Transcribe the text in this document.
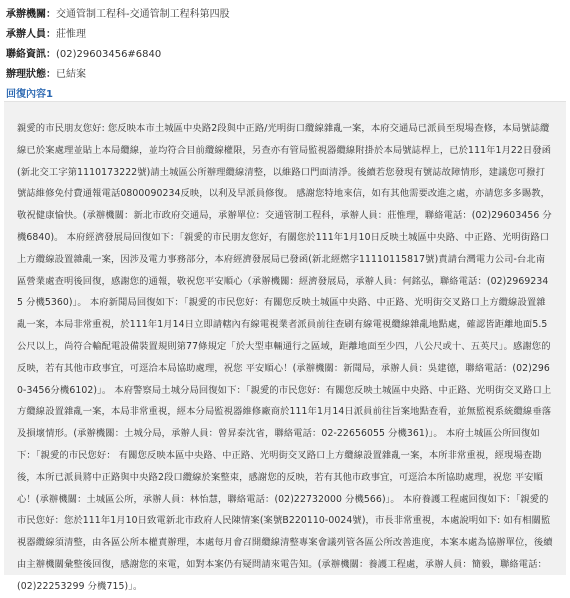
承辦機關：交通管制工程科-交通管制工程科第四股
承辦人員：莊惟理
聯絡資訊：(02)29603456#6840
辦理狀態：已結案
回復內容1

親愛的市民朋友您好: 您反映本市土城區中央路2段與中正路/光明街口纜線雜亂一案，本府交通局已派員至現場查修，本局號誌纜線已於案處理並貼上本局纜線，並均符合目前纜線權限，另查亦有管局監視器纜線附掛於本局號誌桿上，已於111年1月22日發函(新北交工字第1110173222號)請土城區公所辦理纜線清整，以維路口門面清淨。後續若您發現有號誌故障情形，建議您可撥打號誌維修免付費通報電話0800090234反映，以利及早派員修復。 感謝您特地來信，如有其他需要改進之處，亦請您多多賜教，敬祝健康愉快。(承辦機關：新北市政府交通局，承辦單位：交通管制工程科，承辦人員：莊惟理，聯絡電話：(02)29603456 分機6840)。 本府經濟發展局回復如下：「親愛的市民朋友您好，有關您於111年1月10日反映土城區中央路、中正路、光明街路口上方纜線設置雜亂一案，因涉及電力事務部分，本府經濟發展局已發函(新北經燃字11110115817號)責請台灣電力公司-台北南區營業處查明後回復，感謝您的通報，敬祝您平安順心（承辦機關：經濟發展局，承辦人員：何銘弘，聯絡電話：(02)29692345 分機5360)」。 本府新聞局回復如下：「親愛的市民您好：有關您反映土城區中央路、中正路、光明街交叉路口上方纜線設置雜亂一案，本局非常重視，於111年1月14日立即請轄內有線電視業者派員前往查刷有線電視纜線雜亂地點處，確認皆距離地面5.5公尺以上，尚符合輸配電設備裝置規則第77條規定「於大型車輛通行之區域，距離地面至少四，八公尺或十、五英尺」。感謝您的反映，若有其他市政事宜，可逕洽本局協助處理，祝您 平安順心！(承辦機關：新聞局，承辦人員：吳建德，聯絡電話：(02)2960-3456分機6102)」。 本府警察局土城分局回復如下：「親愛的市民您好：有關您反映土城區中央路、中正路、光明街交叉路口上方纜線設置雜亂一案，本局非常重視，經本分局監視器維修廠商於111年1月14日派員前往旨案地點查看，並無監視系統纜線垂落及損壞情形。(承辦機關：土城分局，承辦人員：曾昇泰沈省，聯絡電話：02-22656055 分機361)」。 本府土城區公所回復如下：「親愛的市民您好： 有關您反映本區中央路、中正路、光明街交叉路口上方纜線設置雜亂一案，本所非常重視，經現場查勘後，本所已派員將中正路與中央路2段口纜線於案整束，感謝您的反映，若有其他市政事宜，可逕洽本所協助處理，祝您 平安順心！(承辦機關：土城區公所，承辦人員：林怡慧，聯絡電話：(02)22732000 分機566)」。 本府養護工程處回復如下：「親愛的市民您好：您於111年1月10日致電新北市政府人民陳情案(案號B220110-0024號)，市長非常重視，本處說明如下: 如有相關監視器纜線須清整，由各區公所本權責辦理，本處每月會召開纜線清整專案會議列管各區公所改善進度，本案本處為協辦單位，後續由主辦機關彙整後回復，感謝您的來電，如對本案仍有疑問請來電告知。(承辦機關：養護工程處，承辦人員：簡毅，聯絡電話：(02)22253299 分機715)」。
